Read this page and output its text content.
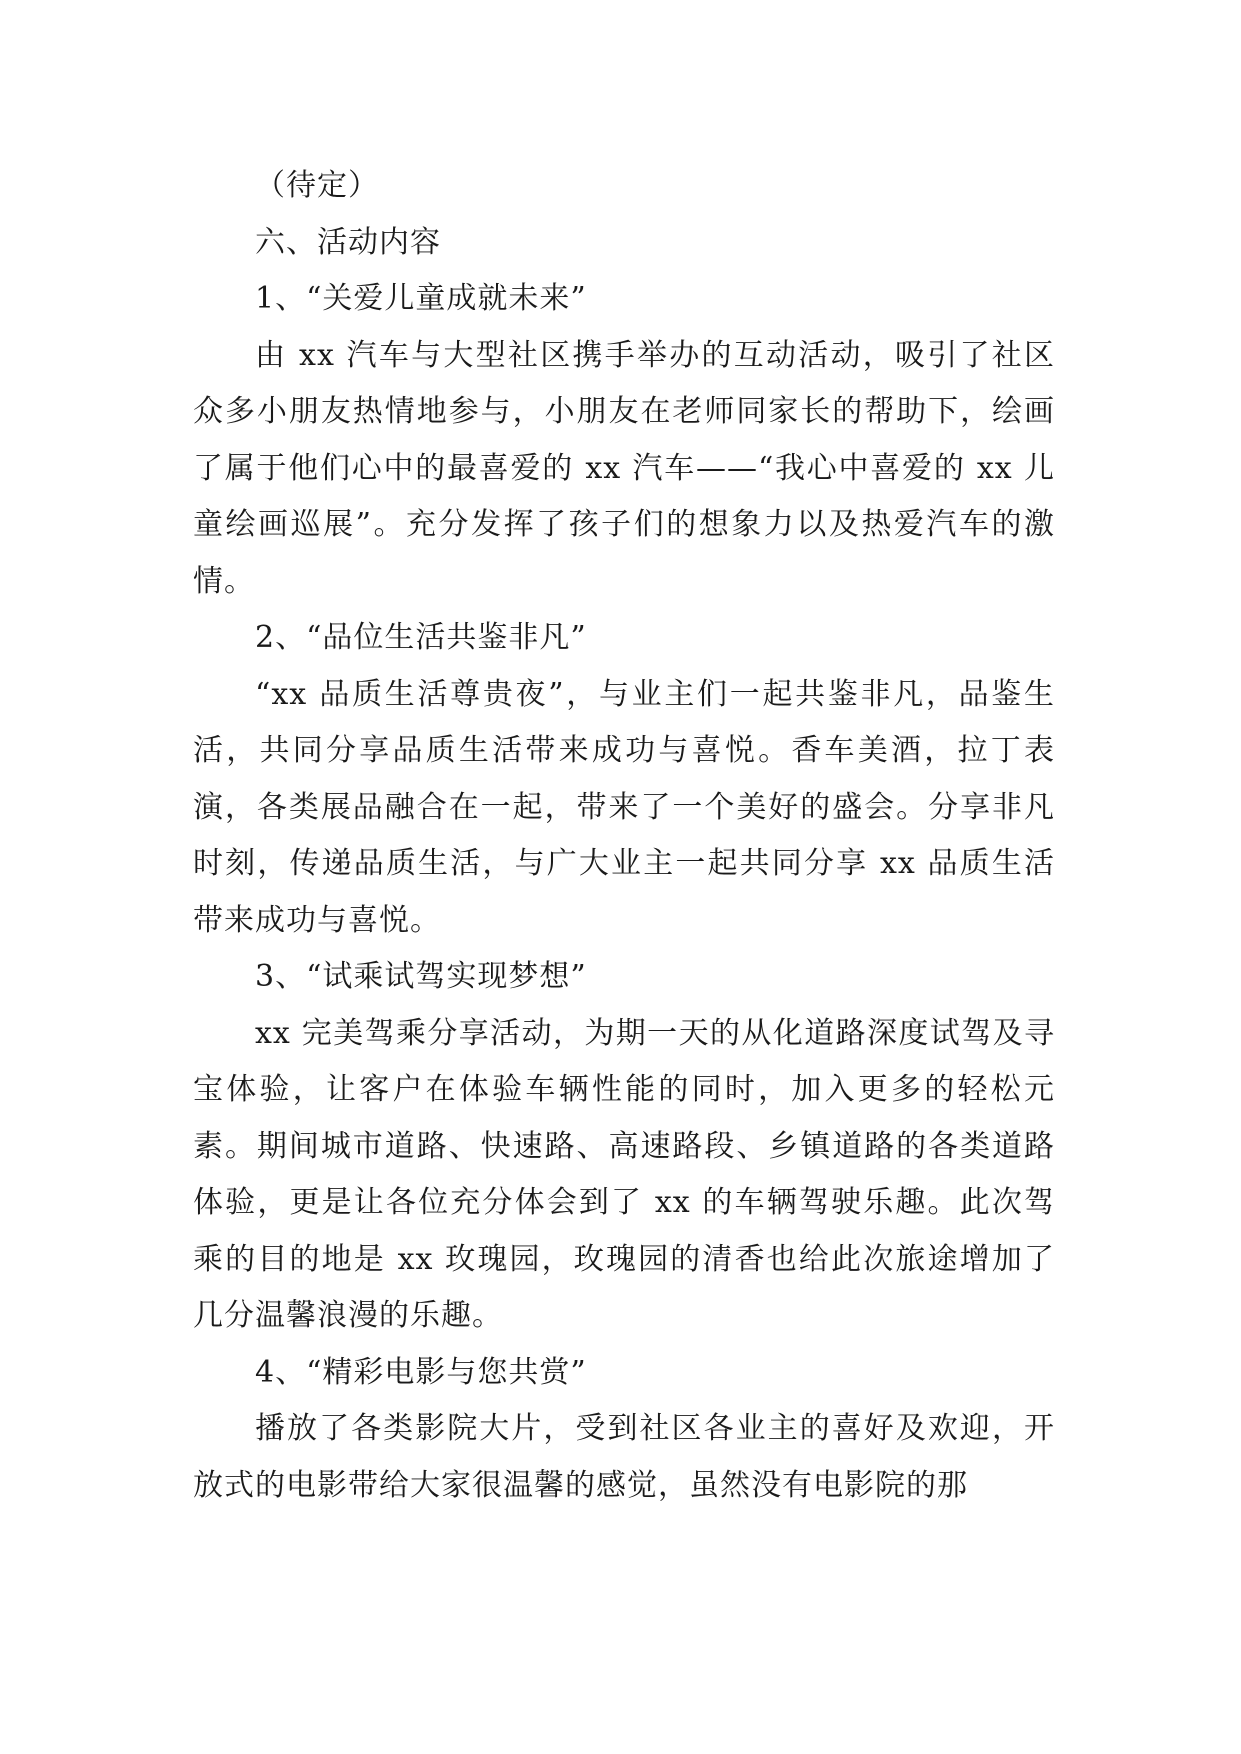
（待定）

六、活动内容

1、“关爱儿童成就未来”

由 xx 汽车与大型社区携手举办的互动活动，吸引了社区众多小朋友热情地参与，小朋友在老师同家长的帮助下，绘画了属于他们心中的最喜爱的 xx 汽车——“我心中喜爱的 xx 儿童绘画巡展”。充分发挥了孩子们的想象力以及热爱汽车的激情。

2、“品位生活共鉴非凡”

“xx 品质生活尊贵夜”，与业主们一起共鉴非凡，品鉴生活，共同分享品质生活带来成功与喜悦。香车美酒，拉丁表演，各类展品融合在一起，带来了一个美好的盛会。分享非凡时刻，传递品质生活，与广大业主一起共同分享 xx 品质生活带来成功与喜悦。

3、“试乘试驾实现梦想”

xx 完美驾乘分享活动，为期一天的从化道路深度试驾及寻宝体验，让客户在体验车辆性能的同时，加入更多的轻松元素。期间城市道路、快速路、高速路段、乡镇道路的各类道路体验，更是让各位充分体会到了 xx 的车辆驾驶乐趣。此次驾乘的目的地是 xx 玫瑰园，玫瑰园的清香也给此次旅途增加了几分温馨浪漫的乐趣。

4、“精彩电影与您共赏”

播放了各类影院大片，受到社区各业主的喜好及欢迎，开放式的电影带给大家很温馨的感觉，虽然没有电影院的那
